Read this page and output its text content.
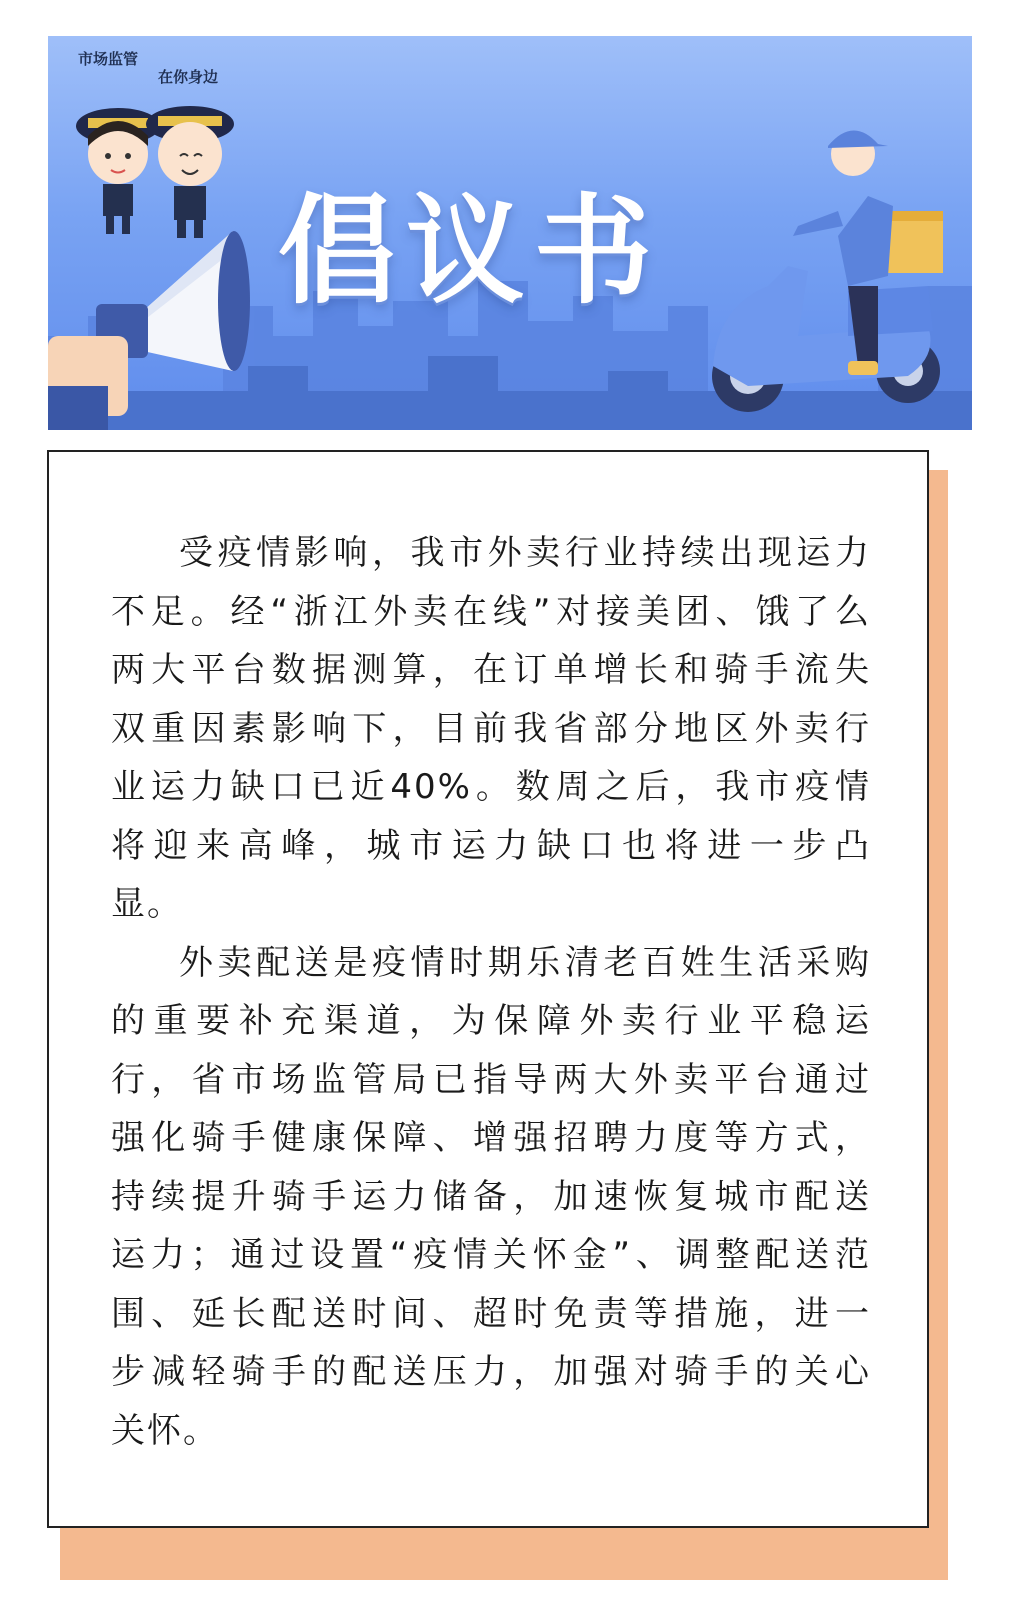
市场监管
在你身边
倡议书

受疫情影响，我市外卖行业持续出现运力
不足。经“浙江外卖在线”对接美团、饿了么
两大平台数据测算，在订单增长和骑手流失
双重因素影响下，目前我省部分地区外卖行
业运力缺口已近40%。数周之后，我市疫情
将迎来高峰，城市运力缺口也将进一步凸
显。

外卖配送是疫情时期乐清老百姓生活采购
的重要补充渠道，为保障外卖行业平稳运
行，省市场监管局已指导两大外卖平台通过
强化骑手健康保障、增强招聘力度等方式，
持续提升骑手运力储备，加速恢复城市配送
运力；通过设置“疫情关怀金”、调整配送范
围、延长配送时间、超时免责等措施，进一
步减轻骑手的配送压力，加强对骑手的关心
关怀。
